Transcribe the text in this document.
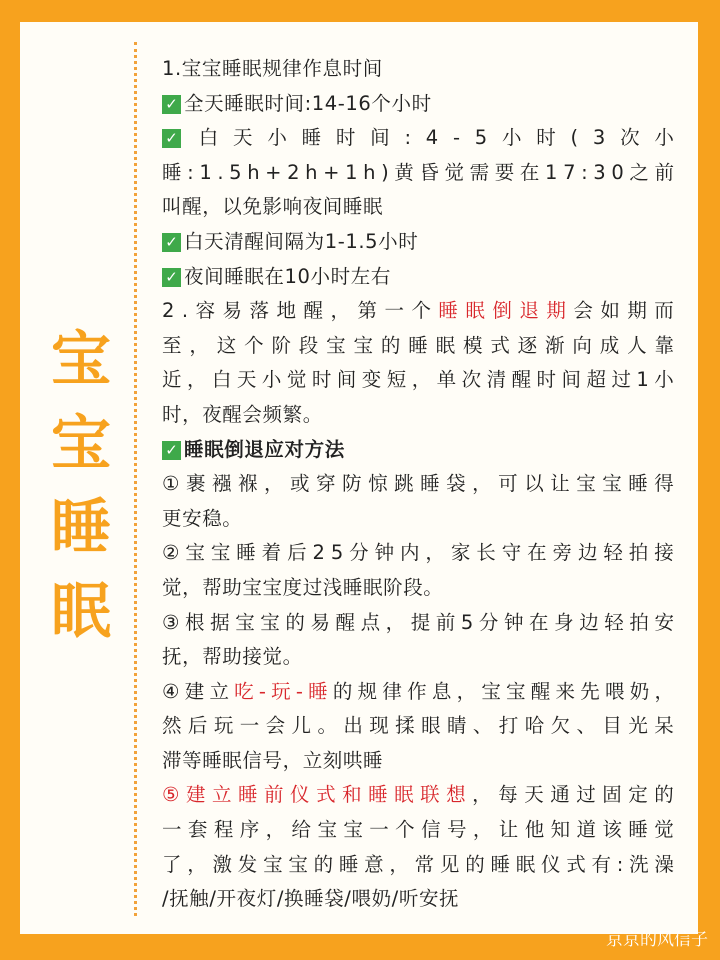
宝
宝
睡
眠
1.宝宝睡眠规律作息时间
✓ 全天睡眠时间:14-16个小时
✓ 白 天 小 睡 时 间 : 4 - 5 小 时 ( 3 次 小
睡 : 1 . 5 h + 2 h + 1 h ) 黄 昏 觉 需 要 在 1 7 : 3 0 之 前
叫醒，以免影响夜间睡眠
✓ 白天清醒间隔为1-1.5小时
✓ 夜间睡眠在10小时左右
2 . 容 易 落 地 醒 ， 第 一 个 睡 眠 倒 退 期 会 如 期 而
至 ， 这 个 阶 段 宝 宝 的 睡 眠 模 式 逐 渐 向 成 人 靠
近 ， 白 天 小 觉 时 间 变 短 ， 单 次 清 醒 时 间 超 过 1 小
时，夜醒会频繁。
✓ 睡眠倒退应对方法
① 裹 襁 褓 ， 或 穿 防 惊 跳 睡 袋 ， 可 以 让 宝 宝 睡 得
更安稳。
② 宝 宝 睡 着 后 2 5 分 钟 内 ， 家 长 守 在 旁 边 轻 拍 接
觉，帮助宝宝度过浅睡眠阶段。
③ 根 据 宝 宝 的 易 醒 点 ， 提 前 5 分 钟 在 身 边 轻 拍 安
抚，帮助接觉。
④ 建 立 吃 - 玩 - 睡 的 规 律 作 息 ， 宝 宝 醒 来 先 喂 奶 ，
然 后 玩 一 会 儿 。 出 现 揉 眼 睛 、 打 哈 欠 、 目 光 呆
滞等睡眠信号，立刻哄睡
⑤ 建 立 睡 前 仪 式 和 睡 眠 联 想 ， 每 天 通 过 固 定 的
一 套 程 序 ， 给 宝 宝 一 个 信 号 ， 让 他 知 道 该 睡 觉
了 ， 激 发 宝 宝 的 睡 意 ， 常 见 的 睡 眠 仪 式 有 : 洗 澡
/抚触/开夜灯/换睡袋/喂奶/听安抚
京京的风信子
